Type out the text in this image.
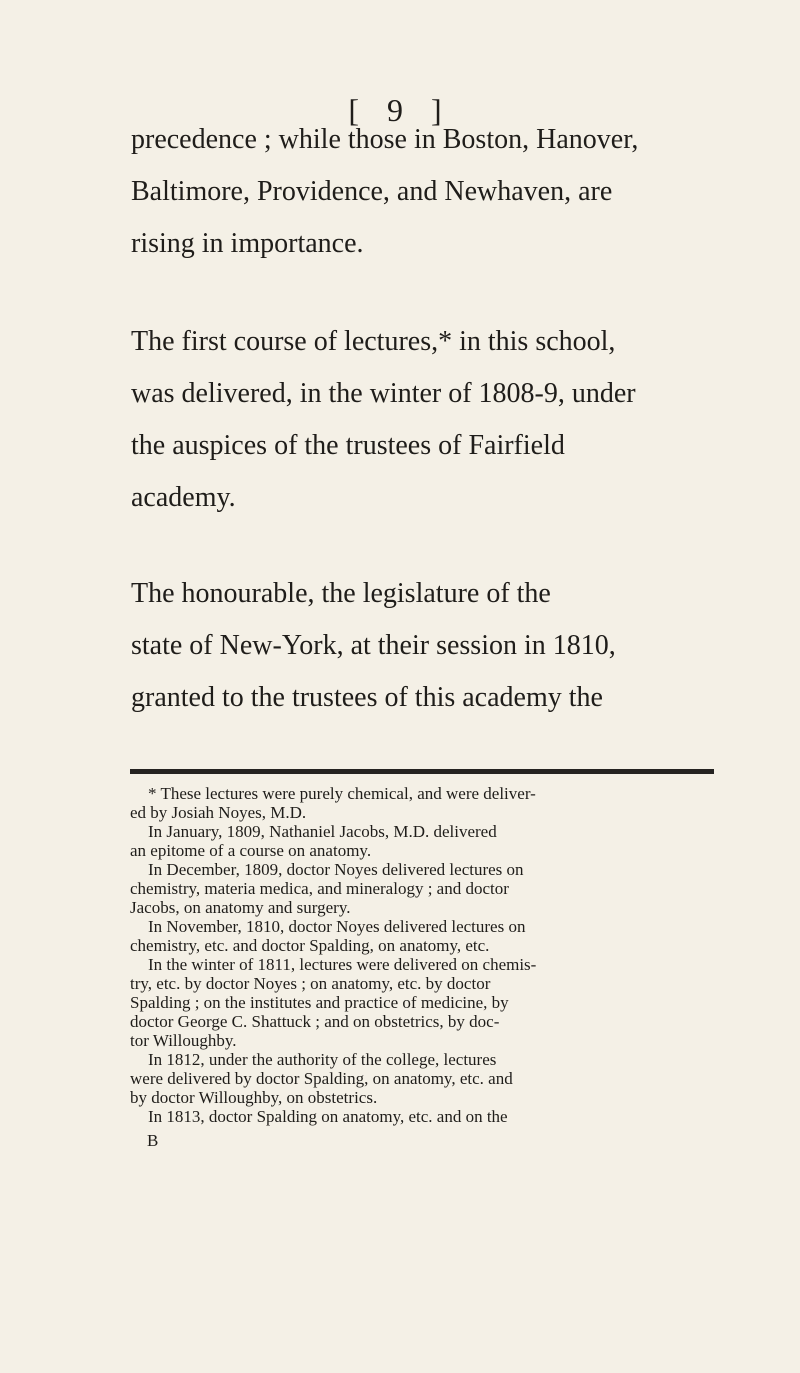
[ 9 ]
precedence ; while those in Boston, Hanover,
Baltimore, Providence, and Newhaven, are
rising in importance.
The first course of lectures,* in this school,
was delivered, in the winter of 1808-9, under
the auspices of the trustees of Fairfield
academy.
The honourable, the legislature of the
state of New-York, at their session in 1810,
granted to the trustees of this academy the
* These lectures were purely chemical, and were deliver-
ed by Josiah Noyes, M.D.
In January, 1809, Nathaniel Jacobs, M.D. delivered
an epitome of a course on anatomy.
In December, 1809, doctor Noyes delivered lectures on
chemistry, materia medica, and mineralogy ; and doctor
Jacobs, on anatomy and surgery.
In November, 1810, doctor Noyes delivered lectures on
chemistry, etc. and doctor Spalding, on anatomy, etc.
In the winter of 1811, lectures were delivered on chemis-
try, etc. by doctor Noyes ; on anatomy, etc. by doctor
Spalding ; on the institutes and practice of medicine, by
doctor George C. Shattuck ; and on obstetrics, by doc-
tor Willoughby.
In 1812, under the authority of the college, lectures
were delivered by doctor Spalding, on anatomy, etc. and
by doctor Willoughby, on obstetrics.
In 1813, doctor Spalding on anatomy, etc. and on the
B
